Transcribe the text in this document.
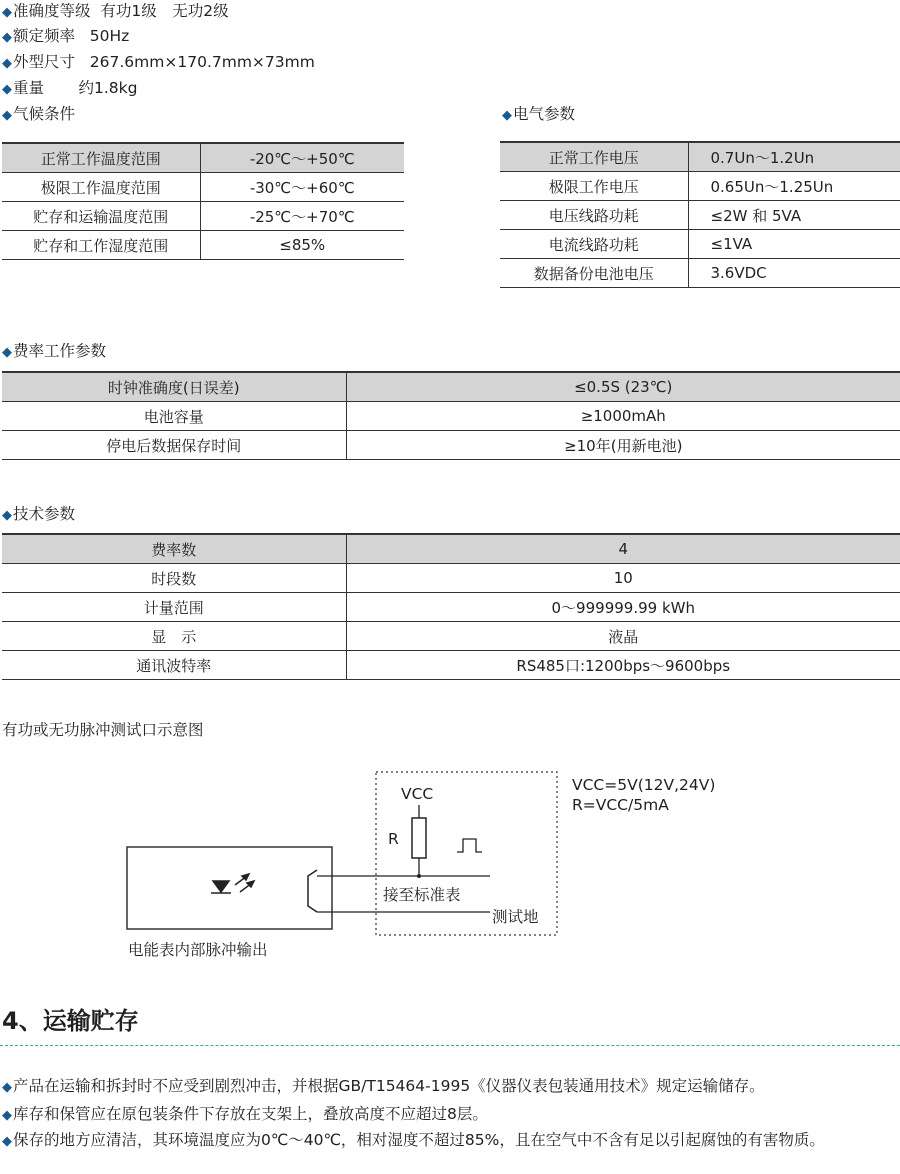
◆准确度等级 有功1级　无功2级
◆额定频率 50Hz
◆外型尺寸 267.6mm×170.7mm×73mm
◆重量 约1.8kg
◆气候条件
正常工作温度范围	-20℃～+50℃
极限工作温度范围	-30℃～+60℃
贮存和运输温度范围	-25℃～+70℃
贮存和工作湿度范围	≤85%
◆电气参数
正常工作电压	0.7Un～1.2Un
极限工作电压	0.65Un～1.25Un
电压线路功耗	≤2W 和 5VA
电流线路功耗	≤1VA
数据备份电池电压	3.6VDC
◆费率工作参数
时钟准确度(日误差)	≤0.5S (23℃)
电池容量	≥1000mAh
停电后数据保存时间	≥10年(用新电池)
◆技术参数
费率数	4
时段数	10
计量范围	0～999999.99 kWh
显　示	液晶
通讯波特率	RS485口:1200bps～9600bps
有功或无功脉冲测试口示意图
VCC
R
接至标准表
测试地
电能表内部脉冲输出
VCC=5V(12V,24V)
R=VCC/5mA
4、运输贮存
◆产品在运输和拆封时不应受到剧烈冲击，并根据GB/T15464-1995《仪器仪表包装通用技术》规定运输储存。
◆库存和保管应在原包装条件下存放在支架上，叠放高度不应超过8层。
◆保存的地方应清洁，其环境温度应为0℃～40℃，相对湿度不超过85%，且在空气中不含有足以引起腐蚀的有害物质。
